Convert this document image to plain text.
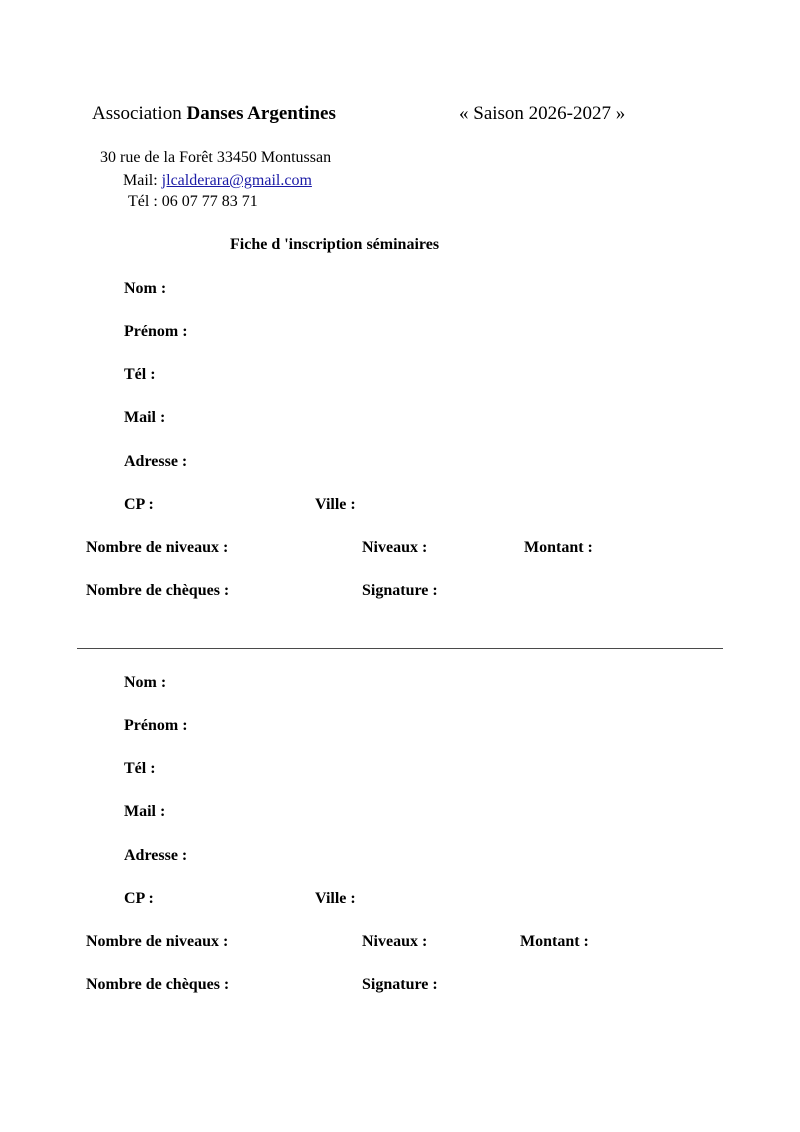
Association Danses Argentines	« Saison 2026-2027 »
30 rue de la Forêt 33450 Montussan
Mail: jlcalderara@gmail.com
Tél : 06 07 77 83 71
Fiche d 'inscription séminaires
Nom :
Prénom :
Tél :
Mail :
Adresse :
CP :	Ville :
Nombre de niveaux :	Niveaux :	Montant :
Nombre de chèques :	Signature :
Nom :
Prénom :
Tél :
Mail :
Adresse :
CP :	Ville :
Nombre de niveaux :	Niveaux :	Montant :
Nombre de chèques :	Signature :
